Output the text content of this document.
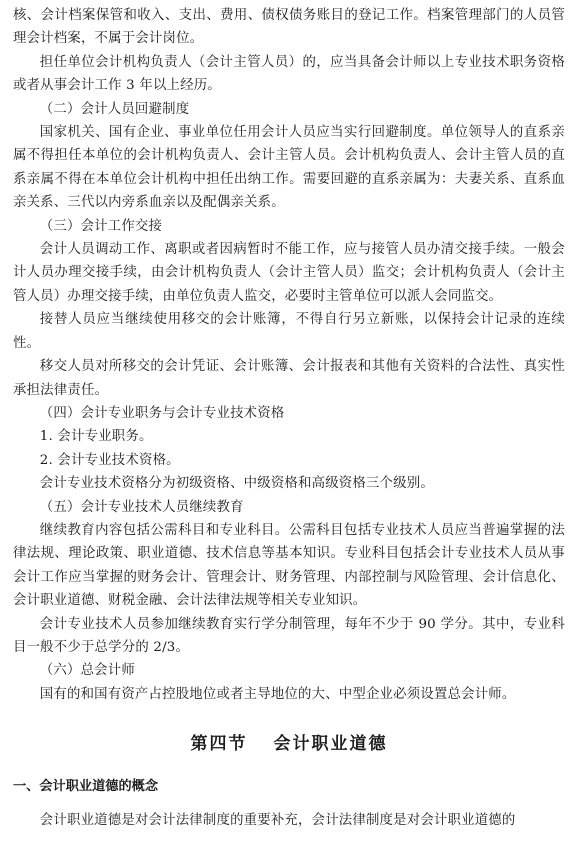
核、会计档案保管和收入、支出、费用、债权债务账目的登记工作。档案管理部门的人员管理会计档案，不属于会计岗位。

担任单位会计机构负责人（会计主管人员）的，应当具备会计师以上专业技术职务资格或者从事会计工作 3 年以上经历。

（二）会计人员回避制度

国家机关、国有企业、事业单位任用会计人员应当实行回避制度。单位领导人的直系亲属不得担任本单位的会计机构负责人、会计主管人员。会计机构负责人、会计主管人员的直系亲属不得在本单位会计机构中担任出纳工作。需要回避的直系亲属为：夫妻关系、直系血亲关系、三代以内旁系血亲以及配偶亲关系。

（三）会计工作交接

会计人员调动工作、离职或者因病暂时不能工作，应与接管人员办清交接手续。一般会计人员办理交接手续，由会计机构负责人（会计主管人员）监交；会计机构负责人（会计主管人员）办理交接手续，由单位负责人监交，必要时主管单位可以派人会同监交。

接替人员应当继续使用移交的会计账簿，不得自行另立新账，以保持会计记录的连续性。

移交人员对所移交的会计凭证、会计账簿、会计报表和其他有关资料的合法性、真实性承担法律责任。

（四）会计专业职务与会计专业技术资格

1. 会计专业职务。

2. 会计专业技术资格。

会计专业技术资格分为初级资格、中级资格和高级资格三个级别。

（五）会计专业技术人员继续教育

继续教育内容包括公需科目和专业科目。公需科目包括专业技术人员应当普遍掌握的法律法规、理论政策、职业道德、技术信息等基本知识。专业科目包括会计专业技术人员从事会计工作应当掌握的财务会计、管理会计、财务管理、内部控制与风险管理、会计信息化、会计职业道德、财税金融、会计法律法规等相关专业知识。

会计专业技术人员参加继续教育实行学分制管理，每年不少于 90 学分。其中，专业科目一般不少于总学分的 2/3。

（六）总会计师

国有的和国有资产占控股地位或者主导地位的大、中型企业必须设置总会计师。

第四节 会计职业道德
一、会计职业道德的概念

会计职业道德是对会计法律制度的重要补充，会计法律制度是对会计职业道德的
